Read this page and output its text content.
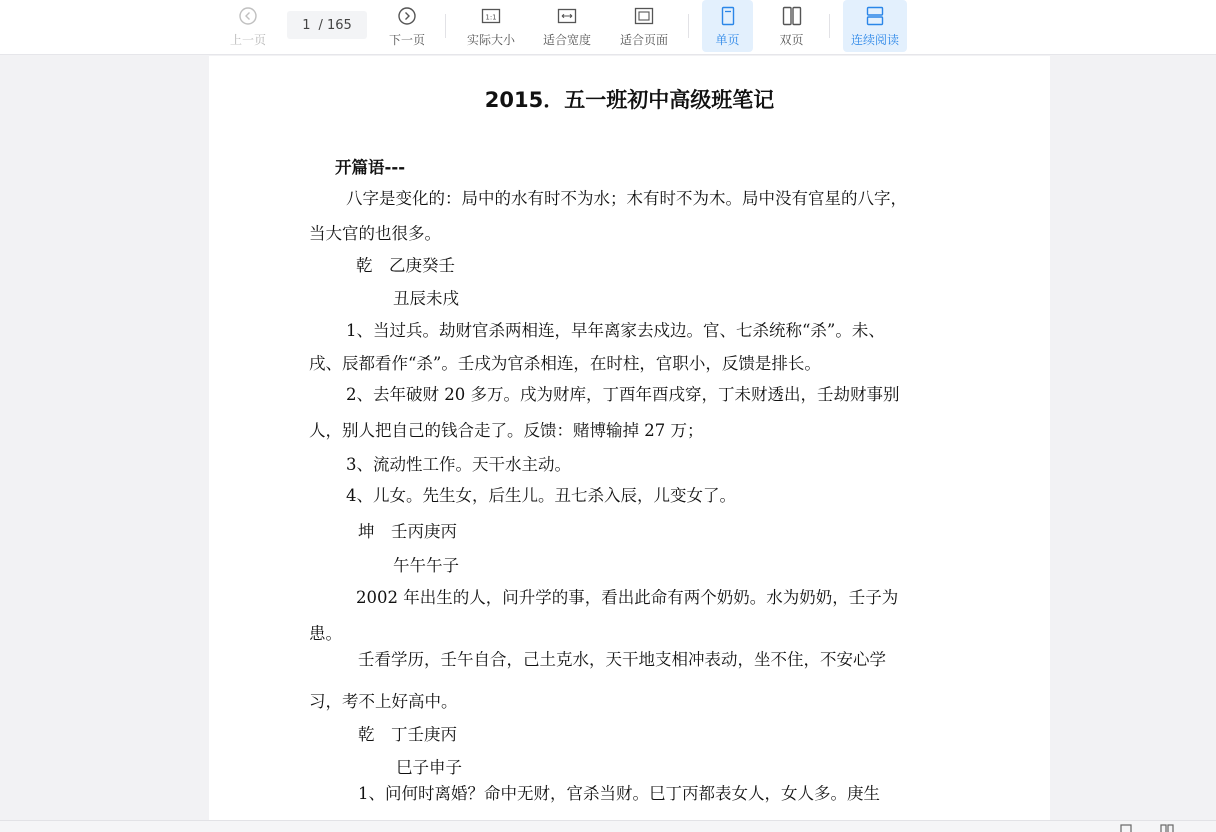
上一页
1 / 165
下一页
1:1
实际大小 适合宽度 适合页面	单页	双页	连续阅读
2015．五一班初中高级班笔记
开篇语---
八字是变化的：局中的水有时不为水；木有时不为木。局中没有官星的八字，
当大官的也很多。
乾　乙庚癸壬
丑辰未戌
1、当过兵。劫财官杀两相连，早年离家去戍边。官、七杀统称“杀”。未、
戌、辰都看作“杀”。壬戌为官杀相连，在时柱，官职小，反馈是排长。
2、去年破财 20 多万。戌为财库，丁酉年酉戌穿，丁未财透出，壬劫财事别
人，别人把自己的钱合走了。反馈：赌博输掉 27 万；
3、流动性工作。天干水主动。
4、儿女。先生女，后生儿。丑七杀入辰，儿变女了。
坤　壬丙庚丙
午午午子
2002 年出生的人，问升学的事，看出此命有两个奶奶。水为奶奶，壬子为
患。
壬看学历，壬午自合，己土克水，天干地支相冲表动，坐不住，不安心学
习，考不上好高中。
乾　丁壬庚丙
巳子申子
1、问何时离婚？命中无财，官杀当财。巳丁丙都表女人，女人多。庚生
